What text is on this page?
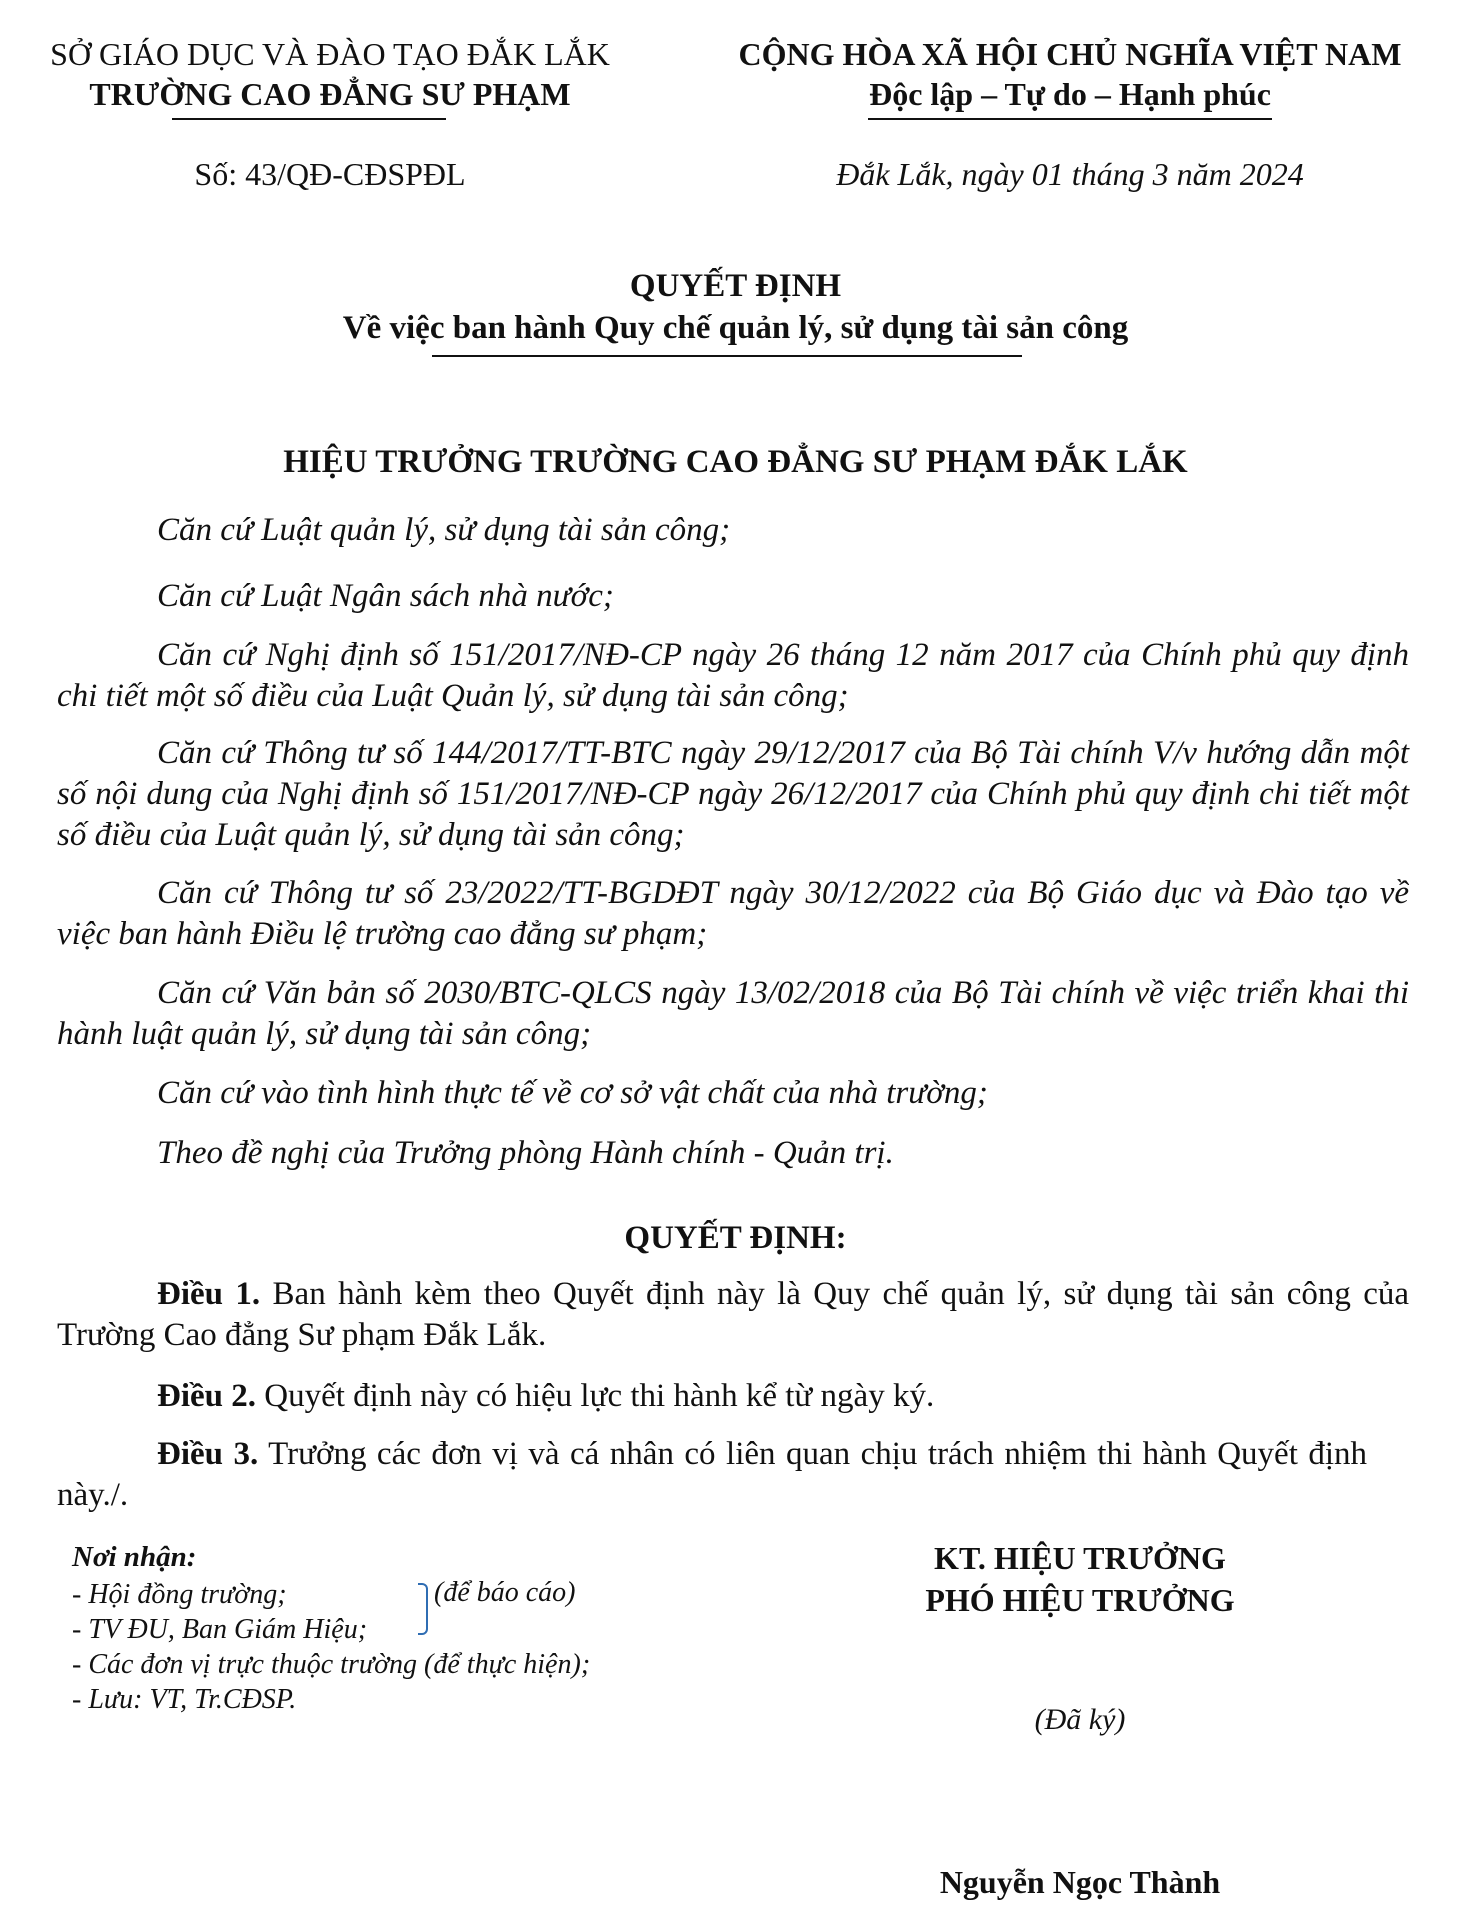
SỞ GIÁO DỤC VÀ ĐÀO TẠO ĐẮK LẮK
TRƯỜNG CAO ĐẲNG SƯ PHẠM
CỘNG HÒA XÃ HỘI CHỦ NGHĨA VIỆT NAM
Độc lập – Tự do – Hạnh phúc
Số: 43/QĐ-CĐSPĐL	Đắk Lắk, ngày 01 tháng 3 năm 2024
QUYẾT ĐỊNH
Về việc ban hành Quy chế quản lý, sử dụng tài sản công
HIỆU TRƯỞNG TRƯỜNG CAO ĐẲNG SƯ PHẠM ĐẮK LẮK

Căn cứ Luật quản lý, sử dụng tài sản công;

Căn cứ Luật Ngân sách nhà nước;

Căn cứ Nghị định số 151/2017/NĐ-CP ngày 26 tháng 12 năm 2017 của Chính phủ quy định chi tiết một số điều của Luật Quản lý, sử dụng tài sản công;

Căn cứ Thông tư số 144/2017/TT-BTC ngày 29/12/2017 của Bộ Tài chính V/v hướng dẫn một số nội dung của Nghị định số 151/2017/NĐ-CP ngày 26/12/2017 của Chính phủ quy định chi tiết một số điều của Luật quản lý, sử dụng tài sản công;

Căn cứ Thông tư số 23/2022/TT-BGDĐT ngày 30/12/2022 của Bộ Giáo dục và Đào tạo về việc ban hành Điều lệ trường cao đẳng sư phạm;

Căn cứ Văn bản số 2030/BTC-QLCS ngày 13/02/2018 của Bộ Tài chính về việc triển khai thi hành luật quản lý, sử dụng tài sản công;

Căn cứ vào tình hình thực tế về cơ sở vật chất của nhà trường;

Theo đề nghị của Trưởng phòng Hành chính - Quản trị.

QUYẾT ĐỊNH:

Điều 1. Ban hành kèm theo Quyết định này là Quy chế quản lý, sử dụng tài sản công của Trường Cao đẳng Sư phạm Đắk Lắk.

Điều 2. Quyết định này có hiệu lực thi hành kể từ ngày ký.

Điều 3. Trưởng các đơn vị và cá nhân có liên quan chịu trách nhiệm thi hành Quyết định này./.

Nơi nhận:
- Hội đồng trường;
- TV ĐU, Ban Giám Hiệu;
- Các đơn vị trực thuộc trường (để thực hiện);
- Lưu: VT, Tr.CĐSP.
(để báo cáo)
KT. HIỆU TRƯỞNG
PHÓ HIỆU TRƯỞNG
(Đã ký)
Nguyễn Ngọc Thành
